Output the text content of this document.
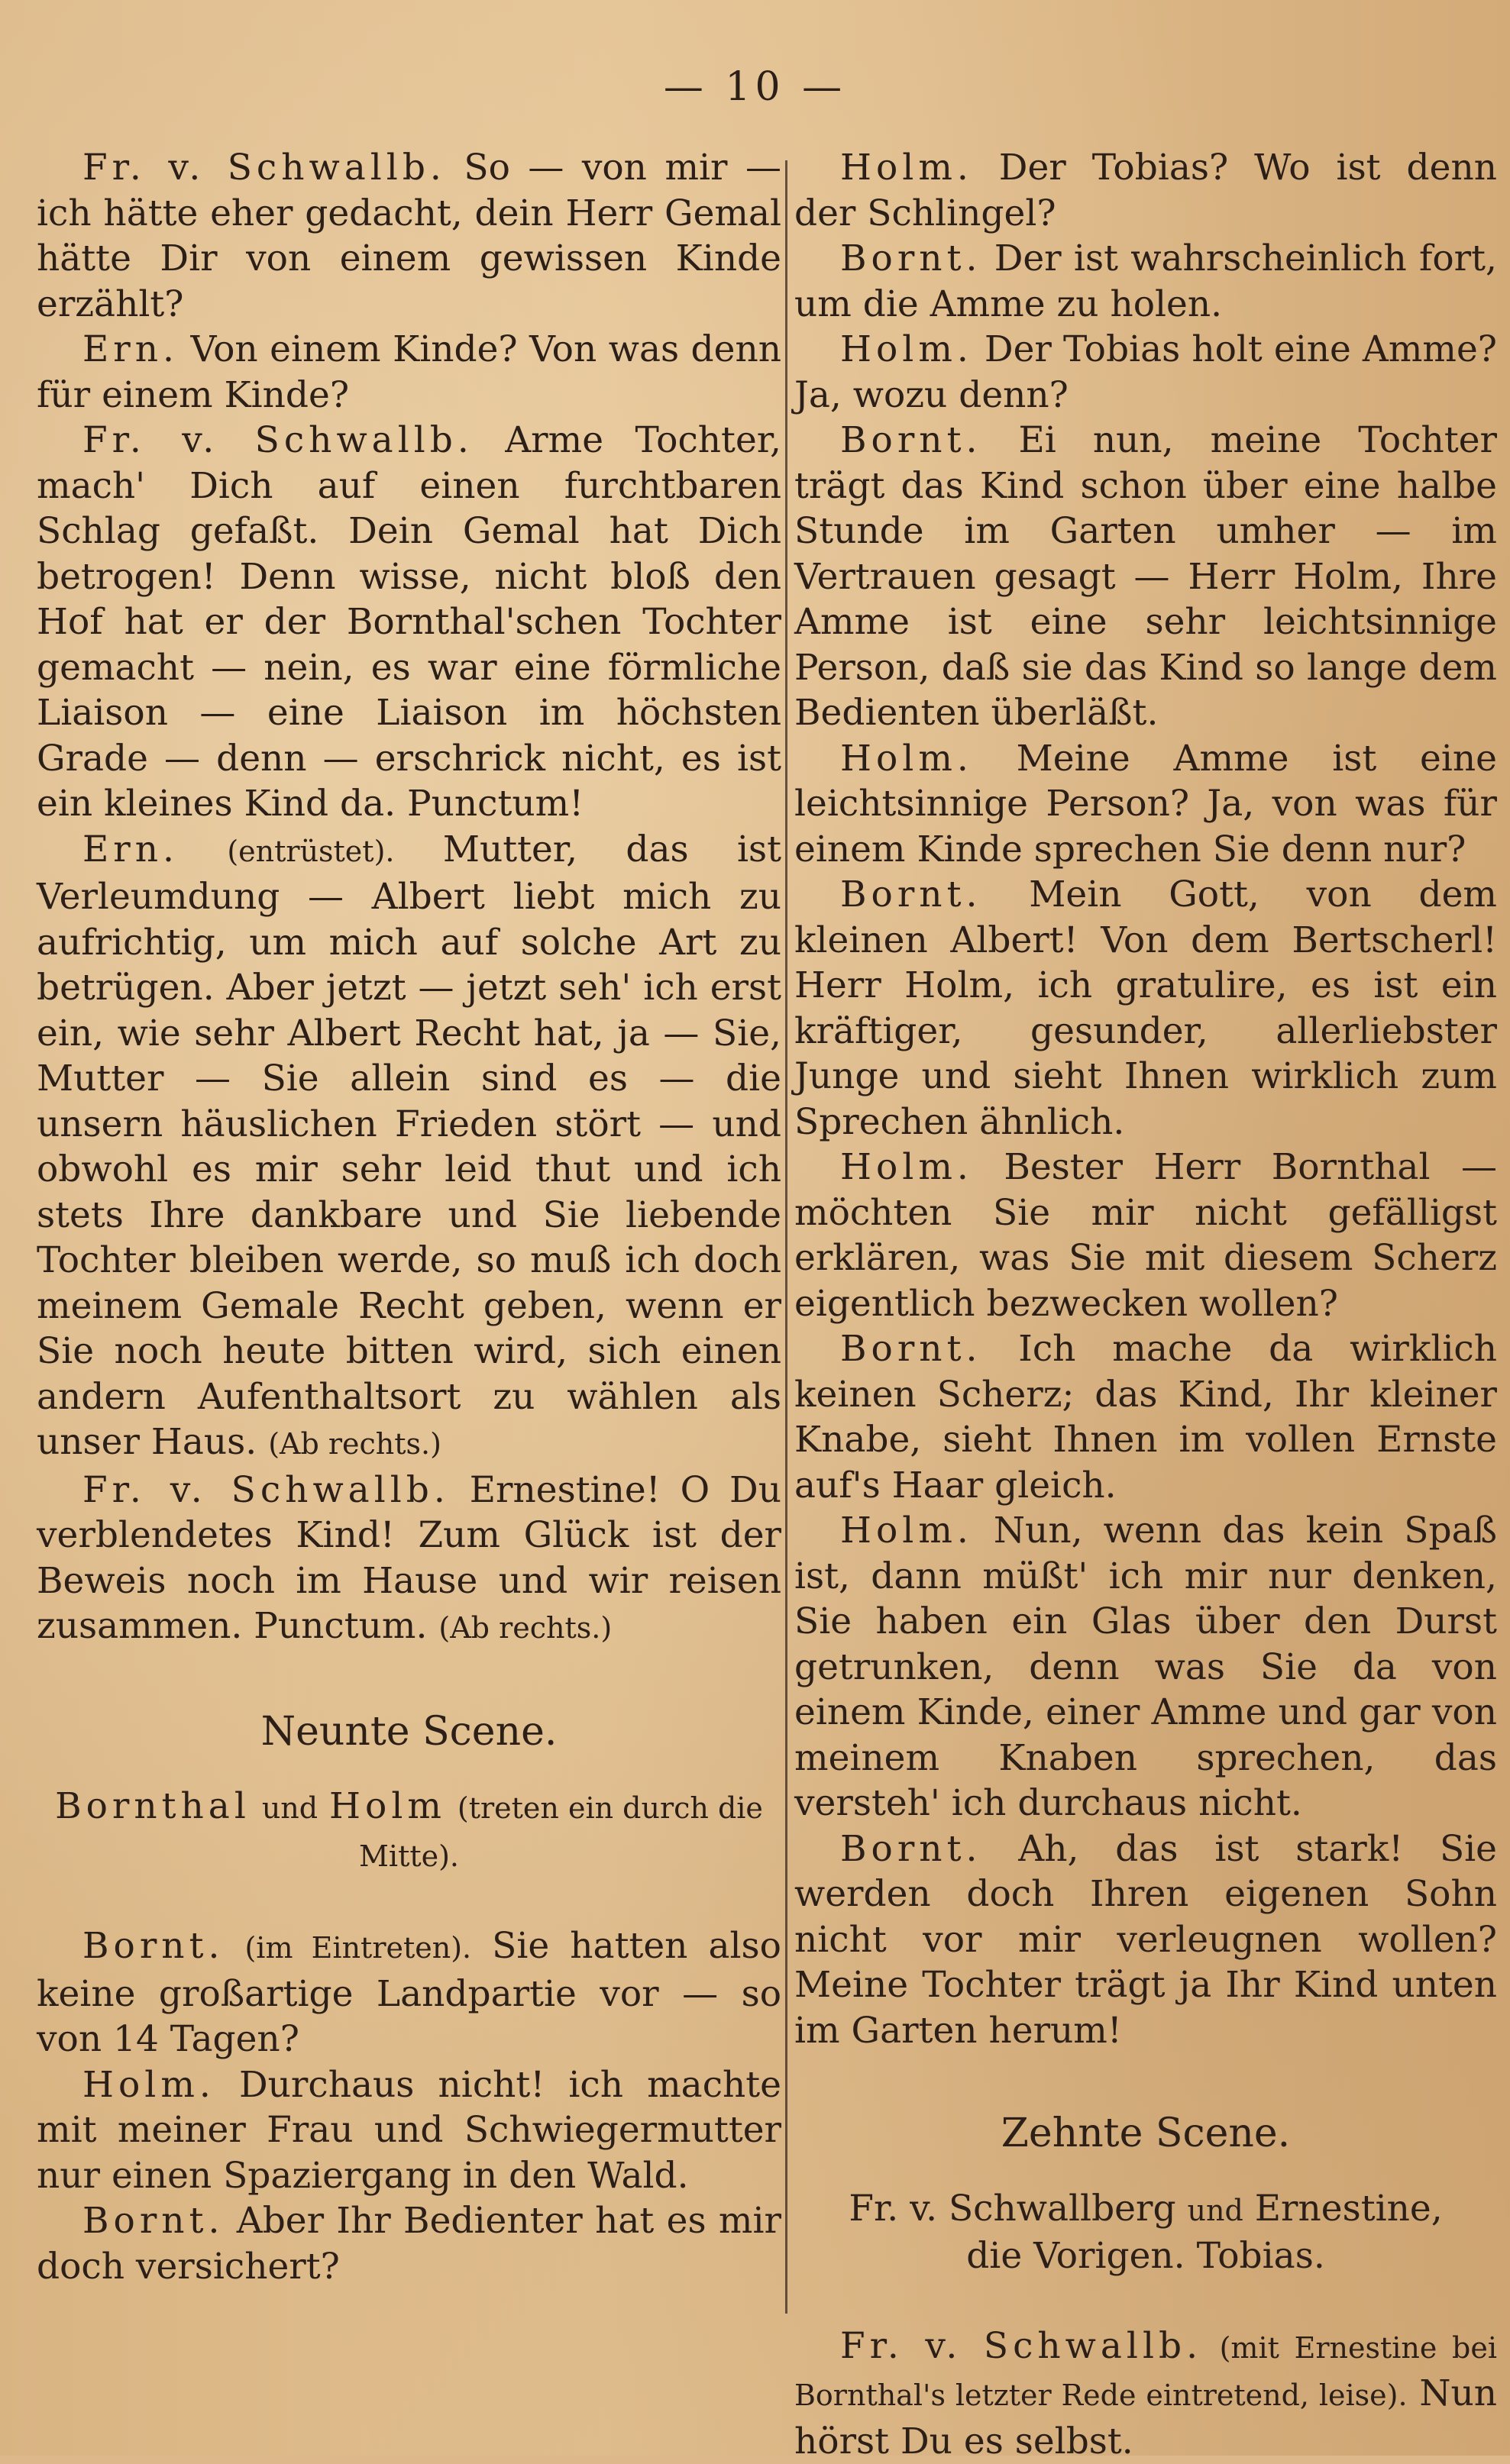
— 10 —

Fr. v. Schwallb. So — von mir — ich hätte eher gedacht, dein Herr Gemal hätte Dir von einem gewissen Kinde erzählt?

Ern. Von einem Kinde? Von was denn für einem Kinde?

Fr. v. Schwallb. Arme Tochter, mach' Dich auf einen furchtbaren Schlag gefaßt. Dein Gemal hat Dich betrogen! Denn wisse, nicht bloß den Hof hat er der Bornthal'schen Tochter gemacht — nein, es war eine förmliche Liaison — eine Liaison im höchsten Grade — denn — erschrick nicht, es ist ein kleines Kind da. Punctum!

Ern. (entrüstet). Mutter, das ist Verleumdung — Albert liebt mich zu aufrichtig, um mich auf solche Art zu betrügen. Aber jetzt — jetzt seh' ich erst ein, wie sehr Albert Recht hat, ja — Sie, Mutter — Sie allein sind es — die unsern häuslichen Frieden stört — und obwohl es mir sehr leid thut und ich stets Ihre dankbare und Sie liebende Tochter bleiben werde, so muß ich doch meinem Gemale Recht geben, wenn er Sie noch heute bitten wird, sich einen andern Aufenthaltsort zu wählen als unser Haus. (Ab rechts.)

Fr. v. Schwallb. Ernestine! O Du verblendetes Kind! Zum Glück ist der Beweis noch im Hause und wir reisen zusammen. Punctum. (Ab rechts.)

Neunte Scene.
Bornthal und Holm (treten ein durch die Mitte).

Bornt. (im Eintreten). Sie hatten also keine großartige Landpartie vor — so von 14 Tagen?

Holm. Durchaus nicht! ich machte mit meiner Frau und Schwiegermutter nur einen Spaziergang in den Wald.

Bornt. Aber Ihr Bedienter hat es mir doch versichert?

Holm. Der Tobias? Wo ist denn der Schlingel?

Bornt. Der ist wahrscheinlich fort, um die Amme zu holen.

Holm. Der Tobias holt eine Amme? Ja, wozu denn?

Bornt. Ei nun, meine Tochter trägt das Kind schon über eine halbe Stunde im Garten umher — im Vertrauen gesagt — Herr Holm, Ihre Amme ist eine sehr leichtsinnige Person, daß sie das Kind so lange dem Bedienten überläßt.

Holm. Meine Amme ist eine leichtsinnige Person? Ja, von was für einem Kinde sprechen Sie denn nur?

Bornt. Mein Gott, von dem kleinen Albert! Von dem Bertscherl! Herr Holm, ich gratulire, es ist ein kräftiger, gesunder, allerliebster Junge und sieht Ihnen wirklich zum Sprechen ähnlich.

Holm. Bester Herr Bornthal — möchten Sie mir nicht gefälligst erklären, was Sie mit diesem Scherz eigentlich bezwecken wollen?

Bornt. Ich mache da wirklich keinen Scherz; das Kind, Ihr kleiner Knabe, sieht Ihnen im vollen Ernste auf's Haar gleich.

Holm. Nun, wenn das kein Spaß ist, dann müßt' ich mir nur denken, Sie haben ein Glas über den Durst getrunken, denn was Sie da von einem Kinde, einer Amme und gar von meinem Knaben sprechen, das versteh' ich durchaus nicht.

Bornt. Ah, das ist stark! Sie werden doch Ihren eigenen Sohn nicht vor mir verleugnen wollen? Meine Tochter trägt ja Ihr Kind unten im Garten herum!

Zehnte Scene.
Fr. v. Schwallberg und Ernestine,
die Vorigen. Tobias.

Fr. v. Schwallb. (mit Ernestine bei Bornthal's letzter Rede eintretend, leise). Nun hörst Du es selbst.
